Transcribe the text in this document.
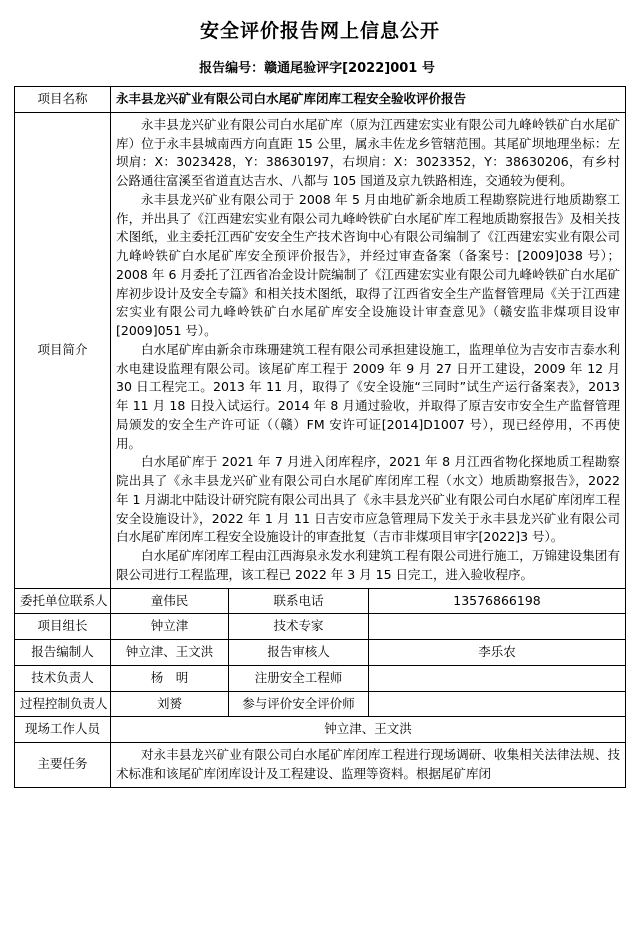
安全评价报告网上信息公开
报告编号：赣通尾验评字[2022]001 号
项目名称	永丰县龙兴矿业有限公司白水尾矿库闭库工程安全验收评价报告		
项目简介	永丰县龙兴矿业有限公司白水尾矿库（原为江西建宏实业有限公司九峰岭铁矿白水尾矿库）位于永丰县城南西方向直距 15 公里，属永丰佐龙乡管辖范围。其尾矿坝地理坐标：左坝肩：X：3023428，Y：38630197，右坝肩：X：3023352，Y：38630206，有乡村公路通往富溪至省道直达吉水、八都与 105 国道及京九铁路相连，交通较为便利。

永丰县龙兴矿业有限公司于 2008 年 5 月由地矿新余地质工程勘察院进行地质勘察工作，并出具了《江西建宏实业有限公司九峰岭铁矿白水尾矿库工程地质勘察报告》及相关技术图纸，业主委托江西矿安安全生产技术咨询中心有限公司编制了《江西建宏实业有限公司九峰岭铁矿白水尾矿库安全预评价报告》，并经过审查备案（备案号：[2009]038 号）；2008 年 6 月委托了江西省冶金设计院编制了《江西建宏实业有限公司九峰岭铁矿白水尾矿库初步设计及安全专篇》和相关技术图纸，取得了江西省安全生产监督管理局《关于江西建宏实业有限公司九峰岭铁矿白水尾矿库安全设施设计审查意见》（赣安监非煤项目设审[2009]051 号）。

白水尾矿库由新余市珠珊建筑工程有限公司承担建设施工，监理单位为吉安市吉泰水利水电建设监理有限公司。该尾矿库工程于 2009 年 9 月 27 日开工建设，2009 年 12 月 30 日工程完工。2013 年 11 月，取得了《安全设施“三同时”试生产运行备案表》，2013 年 11 月 18 日投入试运行。2014 年 8 月通过验收，并取得了原吉安市安全生产监督管理局颁发的安全生产许可证（（赣）FM 安许可证[2014]D1007 号），现已经停用，不再使用。

白水尾矿库于 2021 年 7 月进入闭库程序，2021 年 8 月江西省物化探地质工程勘察院出具了《永丰县龙兴矿业有限公司白水尾矿库闭库工程（水文）地质勘察报告》，2022 年 1 月湖北中陆设计研究院有限公司出具了《永丰县龙兴矿业有限公司白水尾矿库闭库工程安全设施设计》，2022 年 1 月 11 日吉安市应急管理局下发关于永丰县龙兴矿业有限公司白水尾矿库闭库工程安全设施设计的审查批复（吉市非煤项目审字[2022]3 号）。

白水尾矿库闭库工程由江西海泉永发水利建筑工程有限公司进行施工，万锦建设集团有限公司进行工程监理，该工程已 2022 年 3 月 15 日完工，进入验收程序。		

委托单位联系人	童伟民	联系电话	13576866198
项目组长	钟立津	技术专家	
报告编制人	钟立津、王文洪	报告审核人	李乐农
技术负责人	杨　明	注册安全工程师	
过程控制负责人	刘赟	参与评价安全评价师	
现场工作人员	钟立津、王文洪		
主要任务	对永丰县龙兴矿业有限公司白水尾矿库闭库工程进行现场调研、收集相关法律法规、技术标准和该尾矿库闭库设计及工程建设、监理等资料。根据尾矿库闭		
